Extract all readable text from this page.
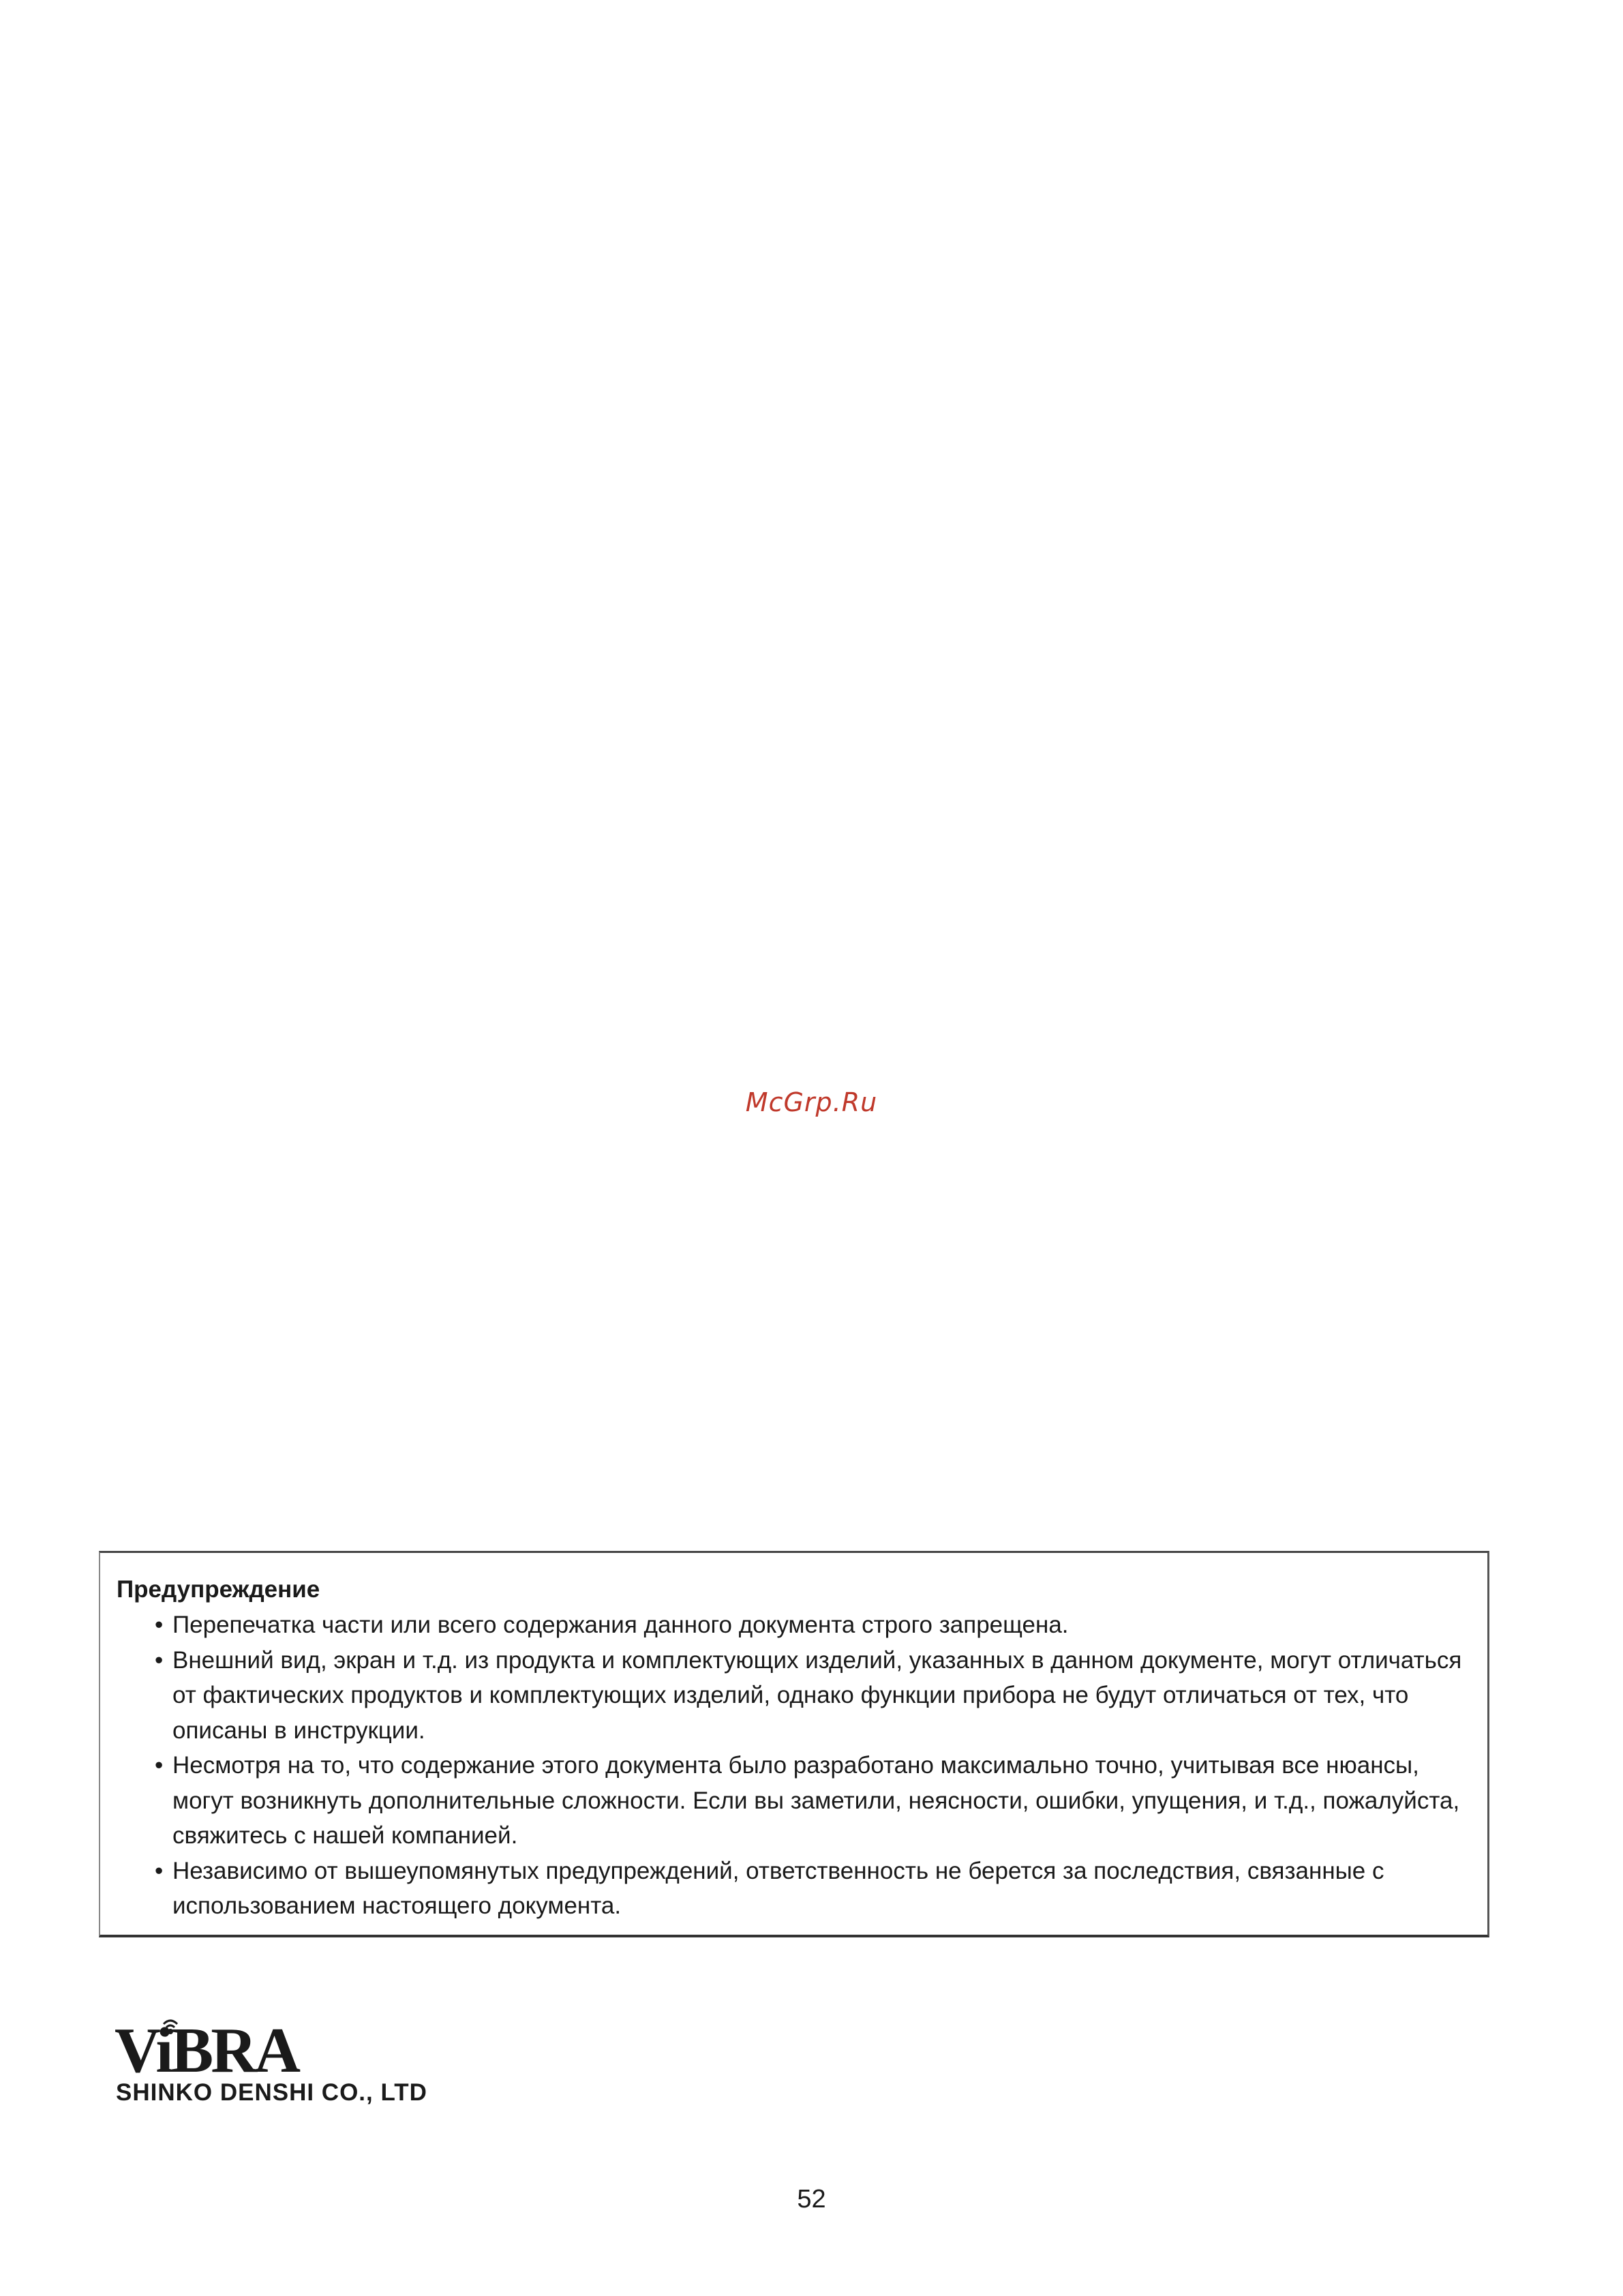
McGrp.Ru

Предупреждение

• Перепечатка части или всего содержания данного документа строго запрещена.
• Внешний вид, экран и т.д. из продукта и комплектующих изделий, указанных в данном документе, могут отличаться от фактических продуктов и комплектующих изделий, однако функции прибора не будут отличаться от тех, что описаны в инструкции.
• Несмотря на то, что содержание этого документа было разработано максимально точно, учитывая все нюансы, могут возникнуть дополнительные сложности. Если вы заметили, неясности, ошибки, упущения, и т.д., пожалуйста, свяжитесь с нашей компанией.
• Независимо от вышеупомянутых предупреждений, ответственность не берется за последствия, связанные с использованием настоящего документа.
ViBRA
SHINKO DENSHI CO., LTD
52
